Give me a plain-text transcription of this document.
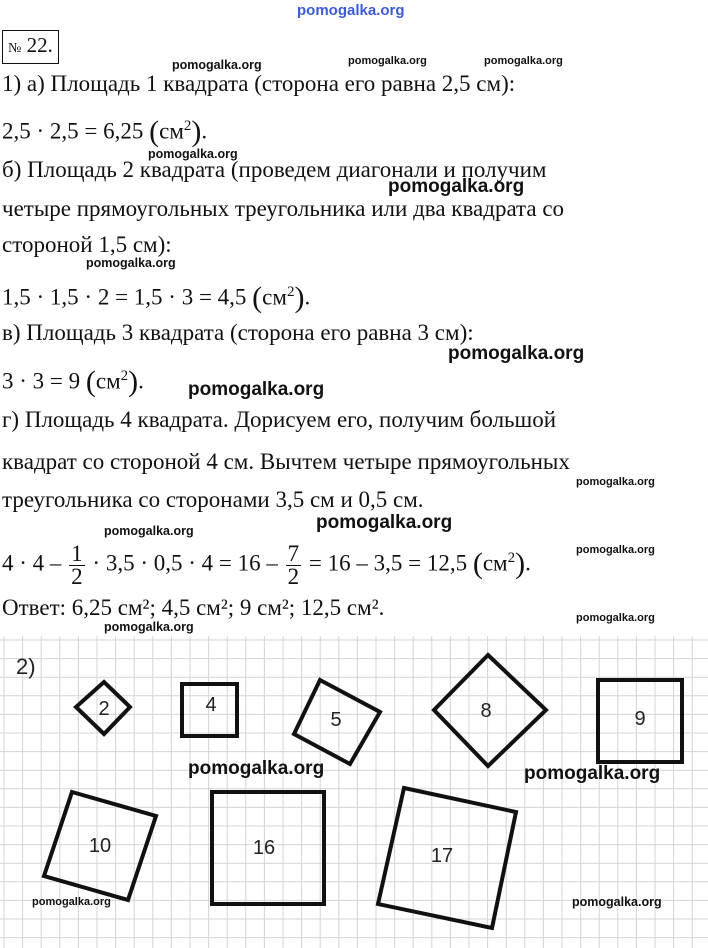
pomogalka.org
pomogalka.org	pomogalka.org	pomogalka.org
pomogalka.org
pomogalka.org
pomogalka.org
pomogalka.org
pomogalka.org
pomogalka.org
pomogalka.org	pomogalka.org
pomogalka.org
pomogalka.org
pomogalka.org
№ 22.
1) а) Площадь 1 квадрата (сторона его равна 2,5 см):
2,5 · 2,5 = 6,25 $(см^2)$.
б) Площадь 2 квадрата (проведем диагонали и получим
четыре прямоугольных треугольника или два квадрата со
стороной 1,5 см):
1,5 · 1,5 · 2 = 1,5 · 3 = 4,5 $(см^2)$.
в) Площадь 3 квадрата (сторона его равна 3 см):
3 · 3 = 9 $(см^2)$.
г) Площадь 4 квадрата. Дорисуем его, получим большой
квадрат со стороной 4 см. Вычтем четыре прямоугольных
треугольника со сторонами 3,5 см и 0,5 см.
$4 \cdot 4 - \frac{1}{2} \cdot 3,5 \cdot 0,5 \cdot 4 = 16 - \frac{7}{2} = 16 - 3,5 = 12,5$ $(см^2)$.
Ответ: 6,25 см²; 4,5 см²; 9 см²; 12,5 см².
2)
2	4
5	8	9
10	16	17
pomogalka.org	pomogalka.org
pomogalka.org	pomogalka.org
